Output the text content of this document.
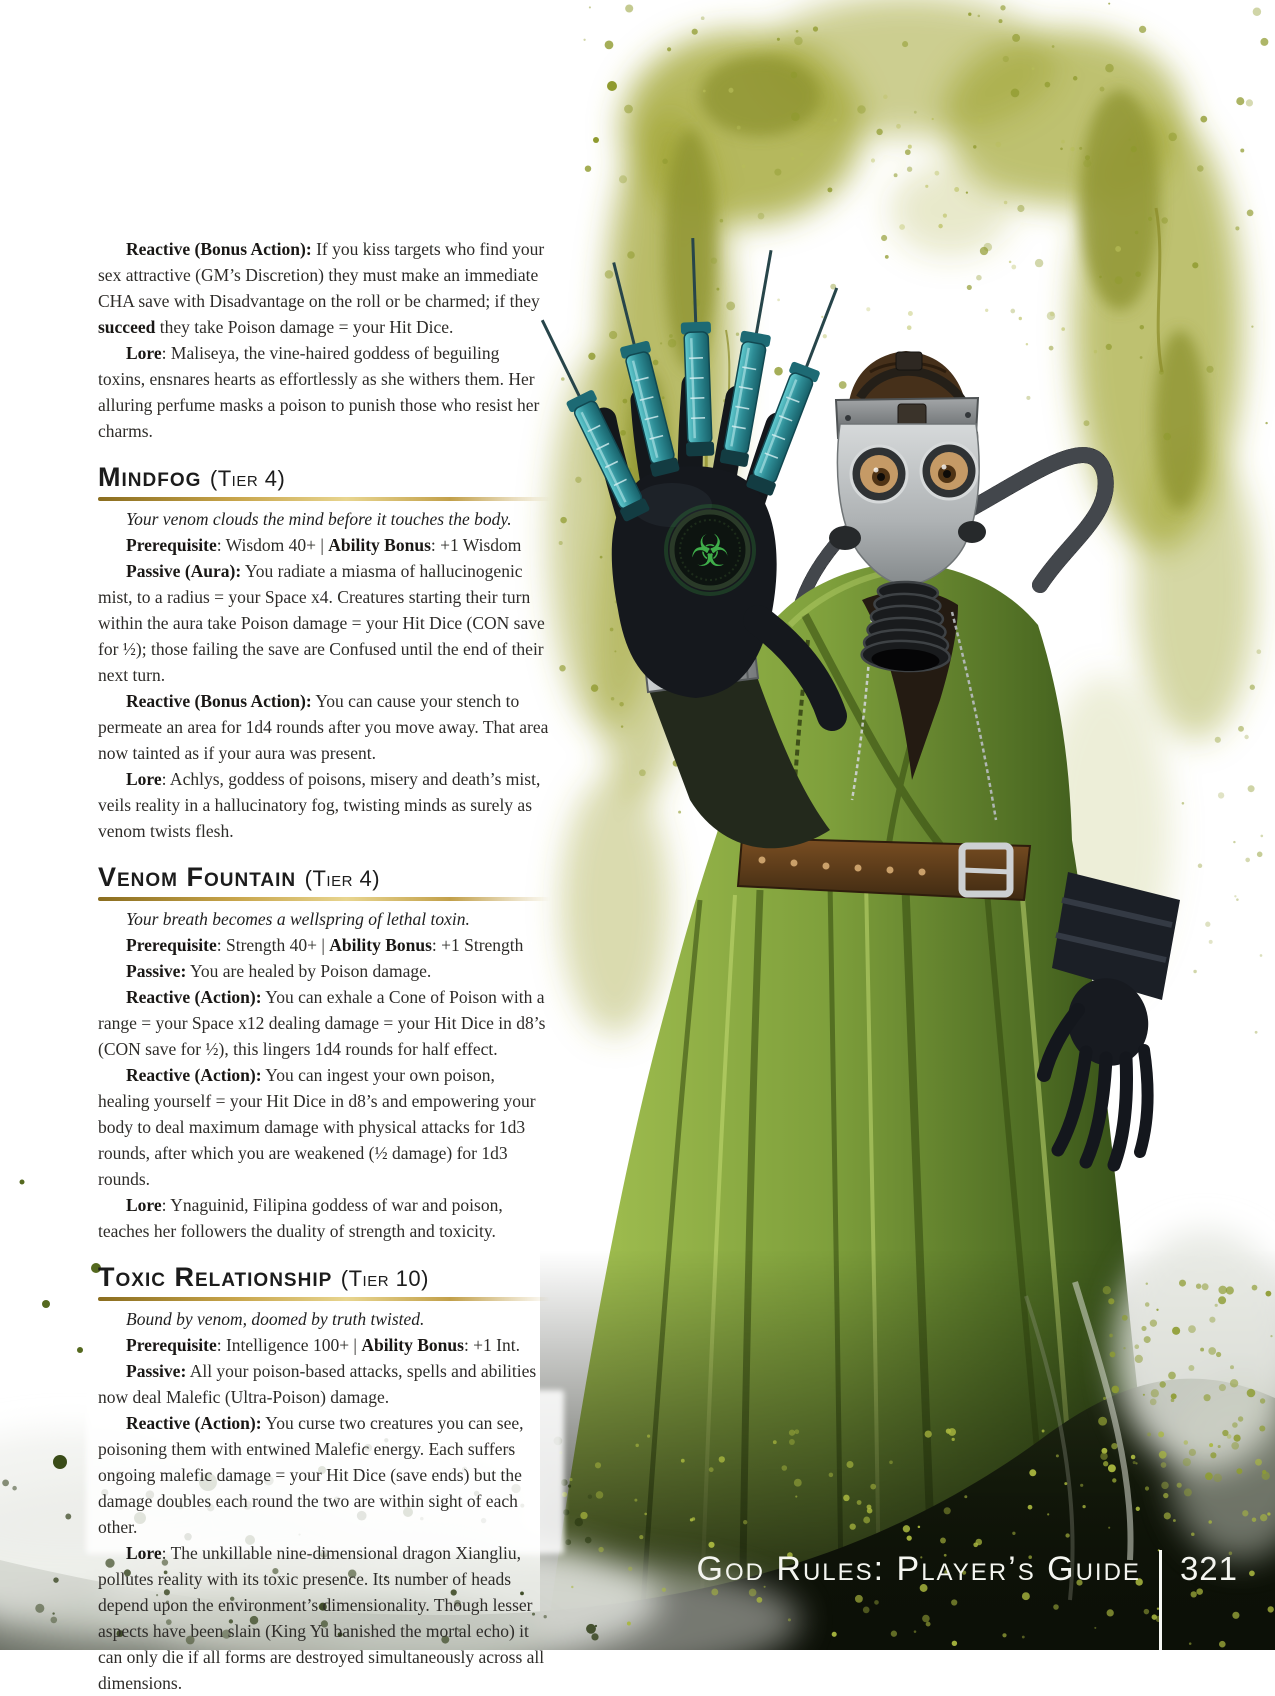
☣

Reactive (Bonus Action): If you kiss targets who find your sex attractive (GM’s Discretion) they must make an immediate CHA save with Disadvantage on the roll or be charmed; if they succeed they take Poison damage = your Hit Dice.

Lore: Maliseya, the vine-haired goddess of beguiling toxins, ensnares hearts as effortlessly as she withers them. Her alluring perfume masks a poison to punish those who resist her charms.

Mindfog (Tier 4)

Your venom clouds the mind before it touches the body.

Prerequisite: Wisdom 40+ | Ability Bonus: +1 Wisdom

Passive (Aura): You radiate a miasma of hallucinogenic mist, to a radius = your Space x4. Creatures starting their turn within the aura take Poison damage = your Hit Dice (CON save for ½); those failing the save are Confused until the end of their next turn.

Reactive (Bonus Action): You can cause your stench to permeate an area for 1d4 rounds after you move away. That area now tainted as if your aura was present.

Lore: Achlys, goddess of poisons, misery and death’s mist, veils reality in a hallucinatory fog, twisting minds as surely as venom twists flesh.

Venom Fountain (Tier 4)

Your breath becomes a wellspring of lethal toxin.

Prerequisite: Strength 40+ | Ability Bonus: +1 Strength

Passive: You are healed by Poison damage.

Reactive (Action): You can exhale a Cone of Poison with a range = your Space x12 dealing damage = your Hit Dice in d8’s (CON save for ½), this lingers 1d4 rounds for half effect.

Reactive (Action): You can ingest your own poison, healing yourself = your Hit Dice in d8’s and empowering your body to deal maximum damage with physical attacks for 1d3 rounds, after which you are weakened (½ damage) for 1d3 rounds.

Lore: Ynaguinid, Filipina goddess of war and poison, teaches her followers the duality of strength and toxicity.

Toxic Relationship (Tier 10)

Bound by venom, doomed by truth twisted.

Prerequisite: Intelligence 100+ | Ability Bonus: +1 Int.

Passive: All your poison-based attacks, spells and abilities now deal Malefic (Ultra-Poison) damage.

Reactive (Action): You curse two creatures you can see, poisoning them with entwined Malefic energy. Each suffers ongoing malefic damage = your Hit Dice (save ends) but the damage doubles each round the two are within sight of each other.

Lore: The unkillable nine-dimensional dragon Xiangliu, pollutes reality with its toxic presence. Its number of heads depend upon the environment’s dimensionality. Though lesser aspects have been slain (King Yu banished the mortal echo) it can only die if all forms are destroyed simultaneously across all dimensions.

God Rules: Player’s Guide 321
